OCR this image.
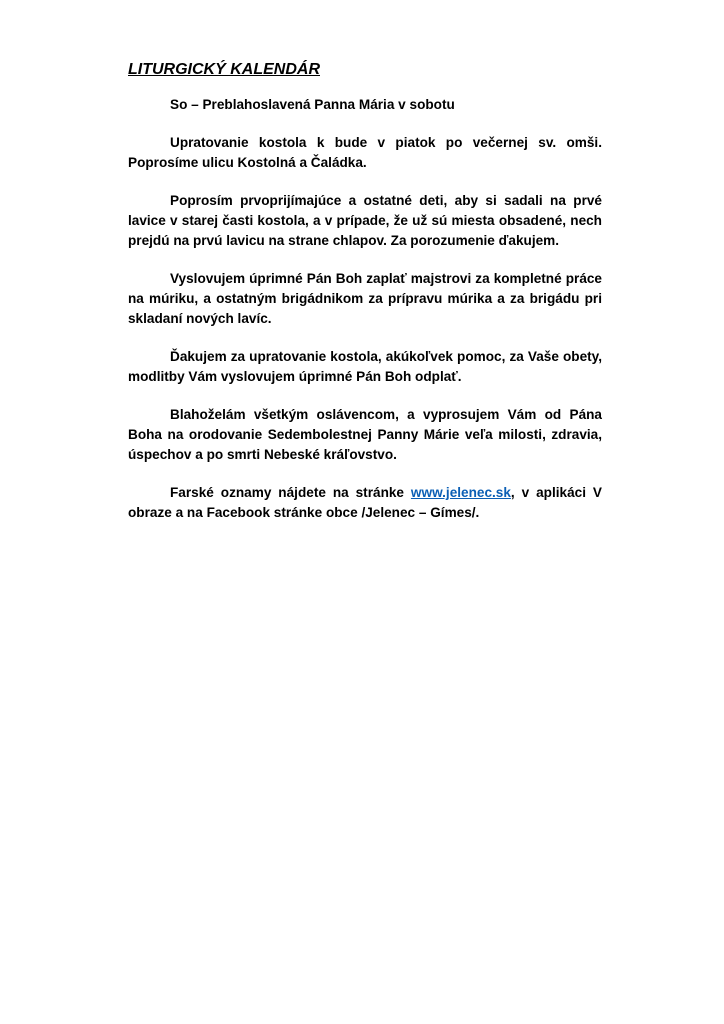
LITURGICKÝ KALENDÁR

So – Preblahoslavená Panna Mária v sobotu

Upratovanie kostola k bude v piatok po večernej sv. omši. Poprosíme ulicu Kostolná a Čaládka.

Poprosím prvoprijímajúce a ostatné deti, aby si sadali na prvé lavice v starej časti kostola, a v prípade, že už sú miesta obsadené, nech prejdú na prvú lavicu na strane chlapov. Za porozumenie ďakujem.

Vyslovujem úprimné Pán Boh zaplať majstrovi za kompletné práce na múriku, a ostatným brigádnikom za prípravu múrika a za brigádu pri skladaní nových lavíc.

Ďakujem za upratovanie kostola, akúkoľvek pomoc, za Vaše obety, modlitby Vám vyslovujem úprimné Pán Boh odplať.

Blahoželám všetkým oslávencom, a vyprosujem Vám od Pána Boha na orodovanie Sedembolestnej Panny Márie veľa milosti, zdravia, úspechov a po smrti Nebeské kráľovstvo.

Farské oznamy nájdete na stránke www.jelenec.sk, v aplikáci V obraze a na Facebook stránke obce /Jelenec – Gímes/.
